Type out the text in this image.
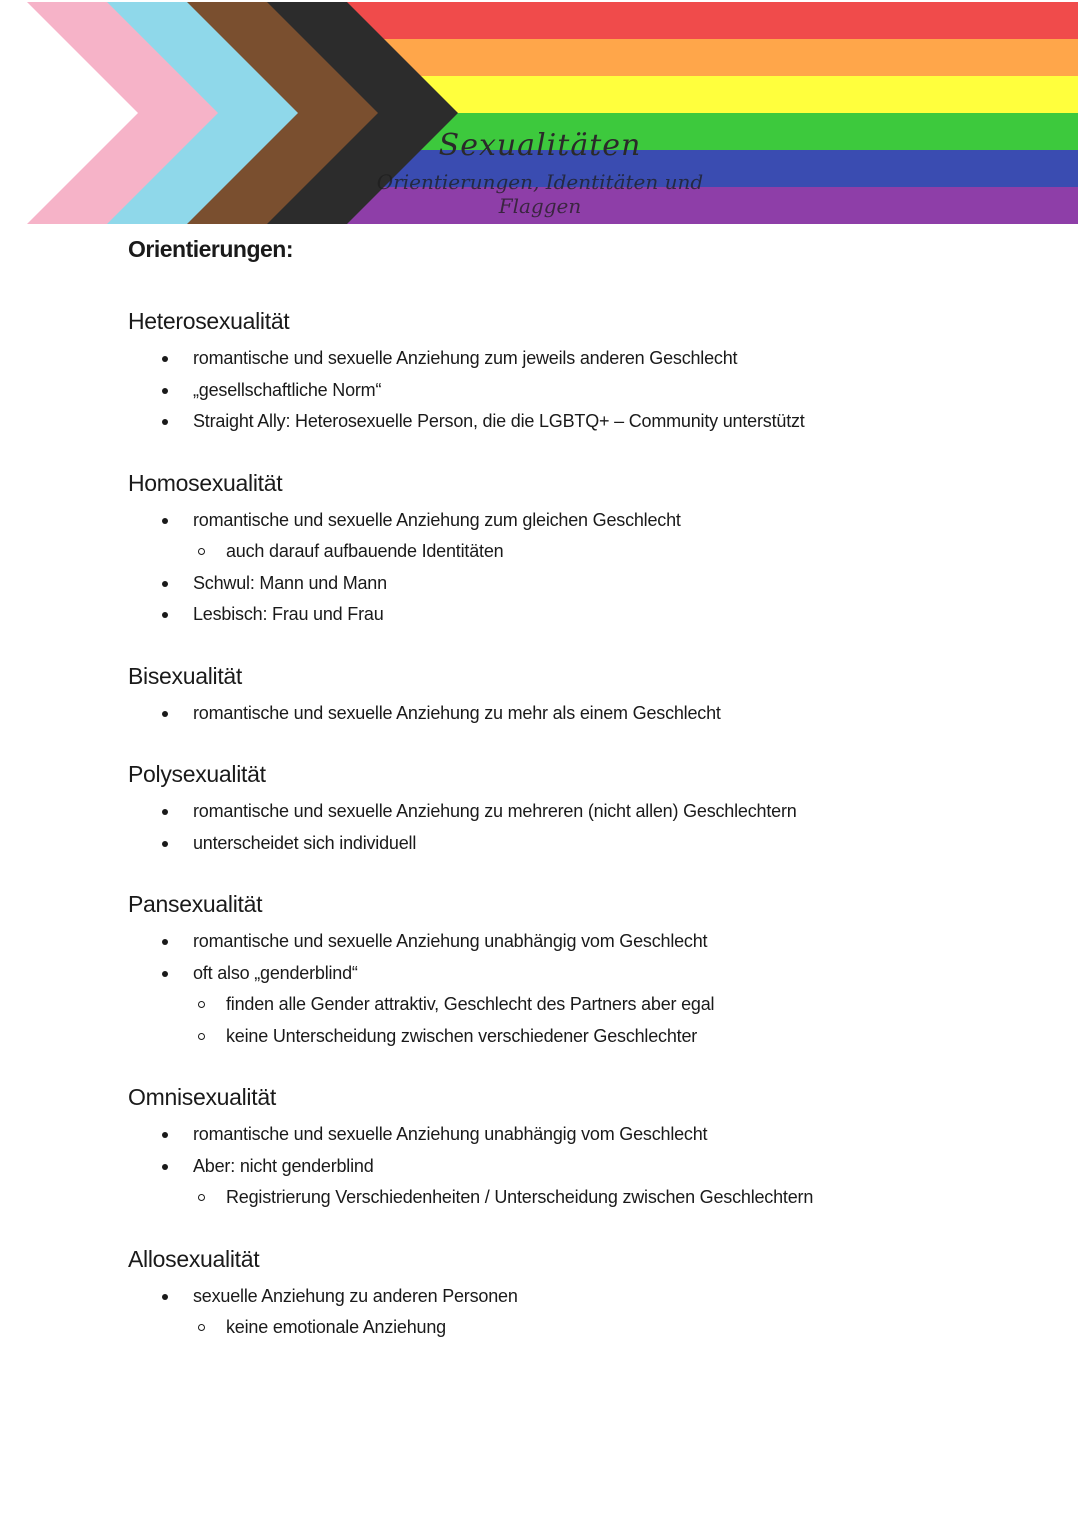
Sexualitäten
Orientierungen, Identitäten und Flaggen
Orientierungen:
Heterosexualität
romantische und sexuelle Anziehung zum jeweils anderen Geschlecht
„gesellschaftliche Norm“
Straight Ally: Heterosexuelle Person, die die LGBTQ+ – Community unterstützt
Homosexualität
romantische und sexuelle Anziehung zum gleichen Geschlecht
auch darauf aufbauende Identitäten
Schwul: Mann und Mann
Lesbisch: Frau und Frau
Bisexualität
romantische und sexuelle Anziehung zu mehr als einem Geschlecht
Polysexualität
romantische und sexuelle Anziehung zu mehreren (nicht allen) Geschlechtern
unterscheidet sich individuell
Pansexualität
romantische und sexuelle Anziehung unabhängig vom Geschlecht
oft also „genderblind“
finden alle Gender attraktiv, Geschlecht des Partners aber egal
keine Unterscheidung zwischen verschiedener Geschlechter
Omnisexualität
romantische und sexuelle Anziehung unabhängig vom Geschlecht
Aber: nicht genderblind
Registrierung Verschiedenheiten / Unterscheidung zwischen Geschlechtern
Allosexualität
sexuelle Anziehung zu anderen Personen
keine emotionale Anziehung
